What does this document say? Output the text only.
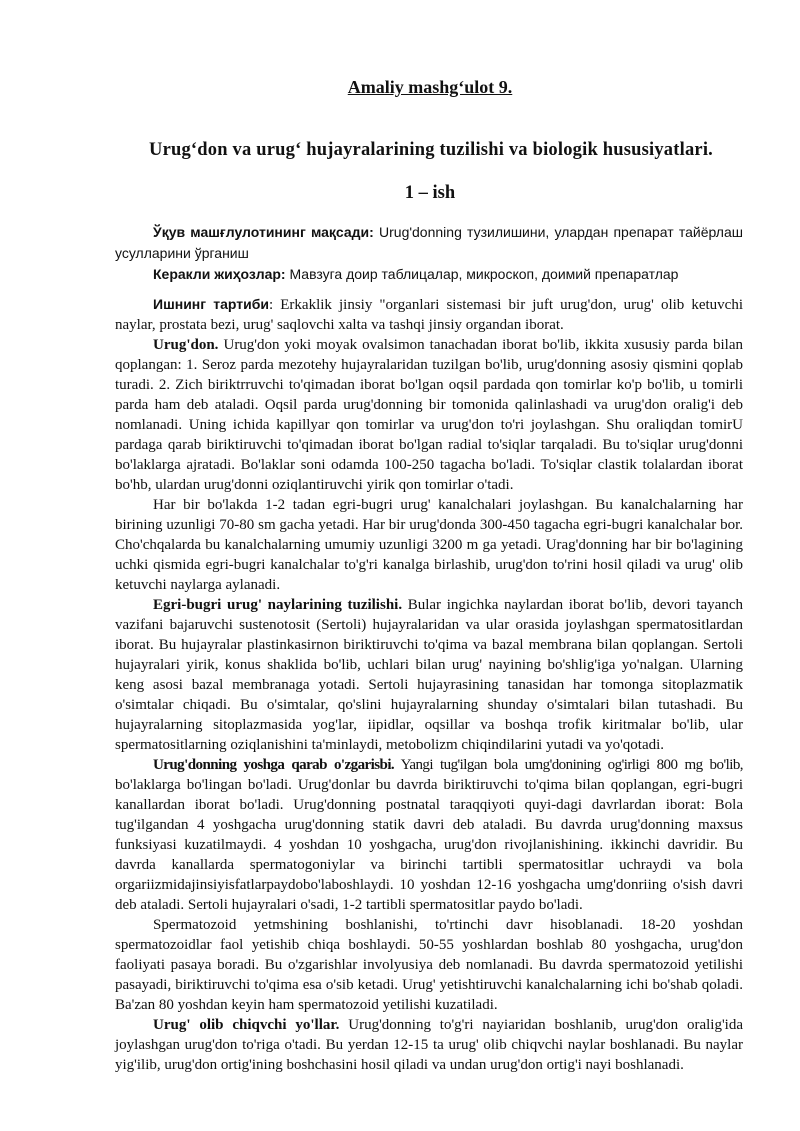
Amaliy mashg‘ulot 9.
Urug‘don va urug‘ hujayralarining tuzilishi va biologik hususiyatlari.
1 – ish

Ўқув машғлулотининг мақсади: Urug'donning тузилишини, улардан препарат тайёрлаш усулларини ўрганиш

Керакли жиҳозлар: Мавзуга доир таблицалар, микроскоп, доимий препаратлар

Ишнинг тартиби: Erkaklik jinsiy "organlari sistemasi bir juft urug'don, urug' olib ketuvchi naylar, prostata bezi, urug' saqlovchi xalta va tashqi jinsiy organdan iborat.

Urug'don. Urug'don yoki moyak ovalsimon tanachadan iborat bo'lib, ikkita xususiy parda bilan qoplangan: 1. Seroz parda mezotehy hujayralaridan tuzilgan bo'lib, urug'donning asosiy qismini qoplab turadi. 2. Zich biriktrruvchi to'qimadan iborat bo'lgan oqsil pardada qon tomirlar ko'p bo'lib, u tomirli parda ham deb ataladi. Oqsil parda urug'donning bir tomonida qalinlashadi va urug'don oralig'i deb nomlanadi. Uning ichida kapillyar qon tomirlar va urug'don to'ri joylashgan. Shu oraliqdan tomirU pardaga qarab biriktiruvchi to'qimadan iborat bo'lgan radial to'siqlar tarqaladi. Bu to'siqlar urug'donni bo'laklarga ajratadi. Bo'laklar soni odamda 100-250 tagacha bo'ladi. To'siqlar clastik tolalardan iborat bo'hb, ulardan urug'donni oziqlantiruvchi yirik qon tomirlar o'tadi.

Har bir bo'lakda 1-2 tadan egri-bugri urug' kanalchalari joylashgan. Bu kanalchalarning har birining uzunligi 70-80 sm gacha yetadi. Har bir urug'donda 300-450 tagacha egri-bugri kanalchalar bor. Cho'chqalarda bu kanalchalarning umumiy uzunligi 3200 m ga yetadi. Urag'donning har bir bo'lagining uchki qismida egri-bugri kanalchalar to'g'ri kanalga birlashib, urug'don to'rini hosil qiladi va urug' olib ketuvchi naylarga aylanadi.

Egri-bugri urug' naylarining tuzilishi. Bular ingichka naylardan iborat bo'lib, devori tayanch vazifani bajaruvchi sustenotosit (Sertoli) hujayralaridan va ular orasida joylashgan spermatositlardan iborat. Bu hujayralar plastinkasirnon biriktiruvchi to'qima va bazal membrana bilan qoplangan. Sertoli hujayralari yirik, konus shaklida bo'lib, uchlari bilan urug' nayining bo'shlig'iga yo'nalgan. Ularning keng asosi bazal membranaga yotadi. Sertoli hujayrasining tanasidan har tomonga sitoplazmatik o'simtalar chiqadi. Bu o'simtalar, qo'slini hujayralarning shunday o'simtalari bilan tutashadi. Bu hujayralarning sitoplazmasida yog'lar, iipidlar, oqsillar va boshqa trofik kiritmalar bo'lib, ular spermatositlarning oziqlanishini ta'minlaydi, metobolizm chiqindilarini yutadi va yo'qotadi.

Urug'donning yoshga qarab o'zgarisbi. Yangi tug'ilgan bola umg'donining og'irligi 800 mg bo'lib, bo'laklarga bo'lingan bo'ladi. Urug'donlar bu davrda biriktiruvchi to'qima bilan qoplangan, egri-bugri kanallardan iborat bo'ladi. Urug'donning postnatal taraqqiyoti quyi-dagi davrlardan iborat: Bola tug'ilgandan 4 yoshgacha urug'donning statik davri deb ataladi. Bu davrda urug'donning maxsus funksiyasi kuzatilmaydi. 4 yoshdan 10 yoshgacha, urug'don rivojlanishining. ikkinchi davridir. Bu davrda kanallarda spermatogoniylar va birinchi tartibli spermatositlar uchraydi va bola orgariizmidajinsiyisfatlarpaydobo'laboshlaydi. 10 yoshdan 12-16 yoshgacha umg'donriing o'sish davri deb ataladi. Sertoli hujayralari o'sadi, 1-2 tartibli spermatositlar paydo bo'ladi.

Spermatozoid yetmshining boshlanishi, to'rtinchi davr hisoblanadi. 18-20 yoshdan spermatozoidlar faol yetishib chiqa boshlaydi. 50-55 yoshlardan boshlab 80 yoshgacha, urug'don faoliyati pasaya boradi. Bu o'zgarishlar involyusiya deb nomlanadi. Bu davrda spermatozoid yetilishi pasayadi, biriktiruvchi to'qima esa o'sib ketadi. Urug' yetishtiruvchi kanalchalarning ichi bo'shab qoladi. Ba'zan 80 yoshdan keyin ham spermatozoid yetilishi kuzatiladi.

Urug' olib chiqvchi yo'llar. Urug'donning to'g'ri nayiaridan boshlanib, urug'don oralig'ida joylashgan urug'don to'riga o'tadi. Bu yerdan 12-15 ta urug' olib chiqvchi naylar boshlanadi. Bu naylar yig'ilib, urug'don ortig'ining boshchasini hosil qiladi va undan urug'don ortig'i nayi boshlanadi.
